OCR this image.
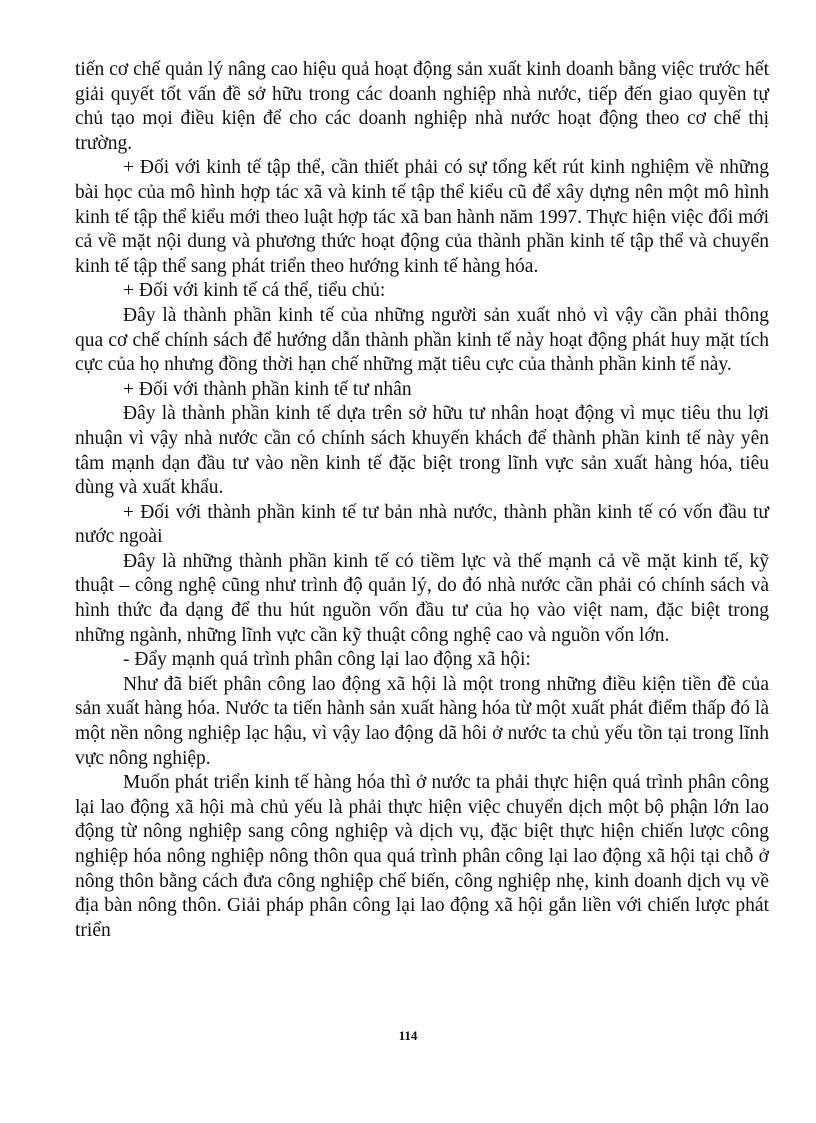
tiến cơ chế quản lý nâng cao hiệu quả hoạt động sản xuất kinh doanh bằng việc trước hết giải quyết tốt vấn đề sở hữu trong các doanh nghiệp nhà nước, tiếp đến giao quyền tự chủ tạo mọi điều kiện để cho các doanh nghiệp nhà nước hoạt động theo cơ chế thị trường.

+ Đối với kinh tế tập thể, cần thiết phải có sự tổng kết rút kinh nghiệm về những bài học của mô hình hợp tác xã và kinh tế tập thể kiểu cũ để xây dựng nên một mô hình kinh tế tập thể kiểu mới theo luật hợp tác xã ban hành năm 1997. Thực hiện việc đổi mới cả về mặt nội dung và phương thức hoạt động của thành phần kinh tế tập thể và chuyển kinh tế tập thể sang phát triển theo hướng kinh tế hàng hóa.

+ Đối với kinh tế cá thể, tiểu chủ:

Đây là thành phần kinh tế của những người sản xuất nhỏ vì vậy cần phải thông qua cơ chế chính sách để hướng dẫn thành phần kinh tế này hoạt động phát huy mặt tích cực của họ nhưng đồng thời hạn chế những mặt tiêu cực của thành phần kinh tế này.

+ Đối với thành phần kinh tế tư nhân

Đây là thành phần kinh tế dựa trên sở hữu tư nhân hoạt động vì mục tiêu thu lợi nhuận vì vậy nhà nước cần có chính sách khuyến khách để thành phần kinh tế này yên tâm mạnh dạn đầu tư vào nền kinh tế đặc biệt trong lĩnh vực sản xuất hàng hóa, tiêu dùng và xuất khẩu.

+ Đối với thành phần kinh tế tư bản nhà nước, thành phần kinh tế có vốn đầu tư nước ngoài

Đây là những thành phần kinh tế có tiềm lực và thế mạnh cả về mặt kinh tế, kỹ thuật – công nghệ cũng như trình độ quản lý, do đó nhà nước cần phải có chính sách và hình thức đa dạng để thu hút nguồn vốn đầu tư của họ vào việt nam, đặc biệt trong những ngành, những lĩnh vực cần kỹ thuật công nghệ cao và nguồn vốn lớn.

- Đẩy mạnh quá trình phân công lại lao động xã hội:

Như đã biết phân công lao động xã hội là một trong những điều kiện tiền đề của sản xuất hàng hóa. Nước ta tiến hành sản xuất hàng hóa từ một xuất phát điểm thấp đó là một nền nông nghiệp lạc hậu, vì vậy lao động dã hôi ở nước ta chủ yếu tồn tại trong lĩnh vực nông nghiệp.

Muốn phát triển kinh tế hàng hóa thì ở nước ta phải thực hiện quá trình phân công lại lao động xã hội mà chủ yếu là phải thực hiện việc chuyển dịch một bộ phận lớn lao động từ nông nghiệp sang công nghiệp và dịch vụ, đặc biệt thực hiện chiến lược công nghiệp hóa nông nghiệp nông thôn qua quá trình phân công lại lao động xã hội tại chỗ ở nông thôn bằng cách đưa công nghiệp chế biến, công nghiệp nhẹ, kinh doanh dịch vụ về địa bàn nông thôn. Giải pháp phân công lại lao động xã hội gắn liền với chiến lược phát triển

114
